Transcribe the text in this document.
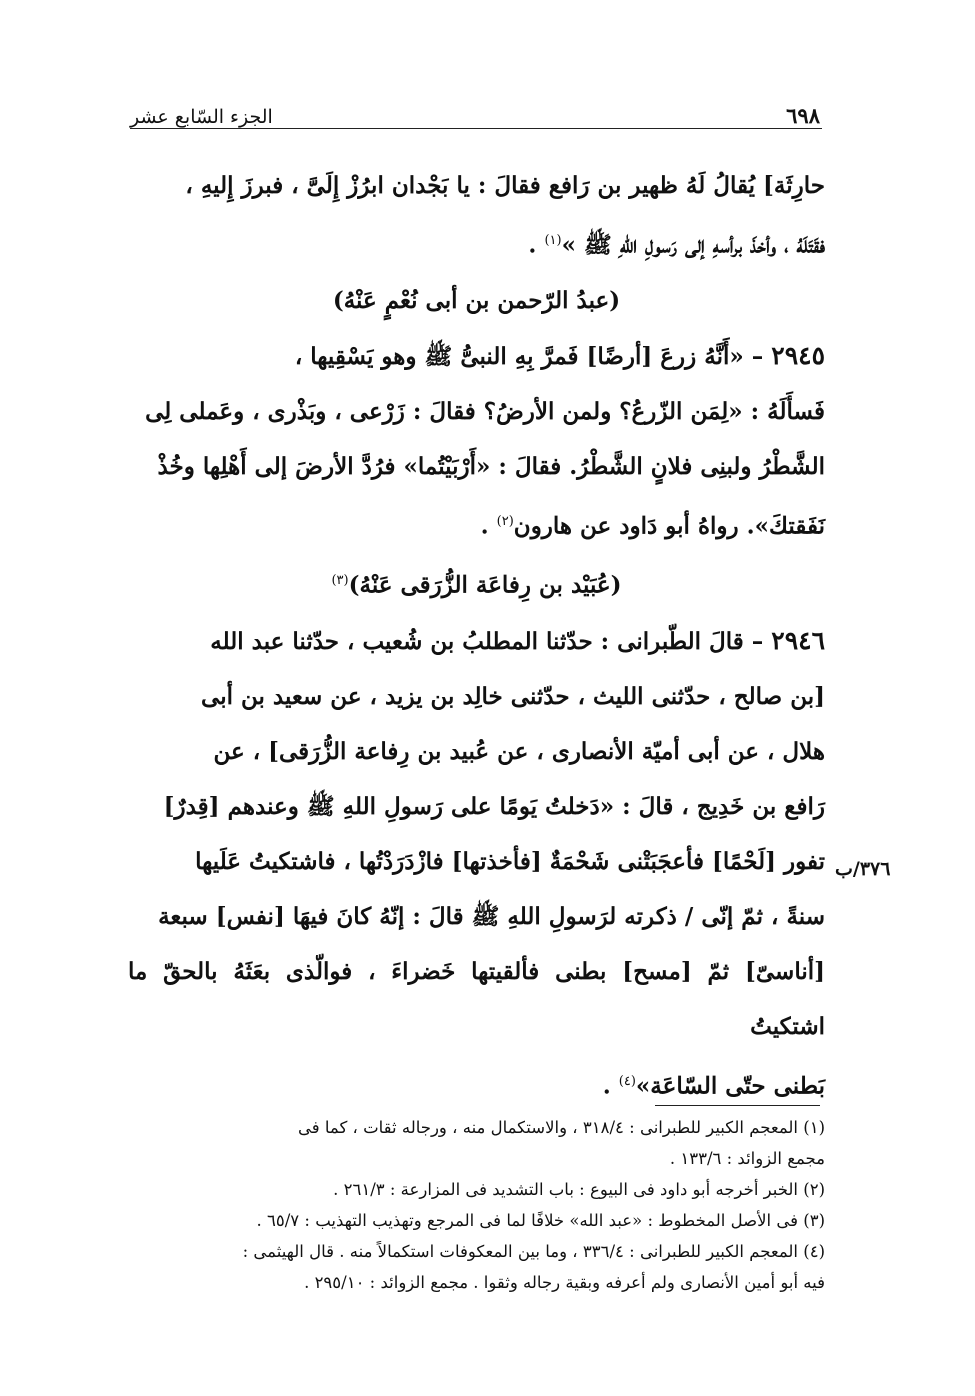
٦٩٨
الجزء السّابع عشر
٣٧٦/ب

حارِثَة] يُقالُ لَهُ ظهير بن رَافع فقالَ : يا بَجْدان ابرُزْ إِلَىَّ ، فبرزَ إِليهِ ،

فقَتَلَهُ ، وأخذَ برأسهِ إلى رَسولِ اللهِ ﷺ »$^{(١)}$ .

(عبدُ الرّحمن بن أبى نُعْمٍ عَنْهُ)

٢٩٤٥ – «أَنَّهُ زرعَ [أرضًا] فَمرَّ بِهِ النبىُّ ﷺ وهو يَسْقِيها ،

فَسأَلَهُ : «لِمَن الزّرعُ؟ ولمن الأرضُ؟ فقالَ : زَرْعى ، وبَذْرى ، وعَملى لِى

الشَّطْرُ ولبنِى فلانٍ الشَّطْرُ. فقالَ : «أَرْبَيْتُما» فرُدَّ الأرضَ إلى أَهْلِها وخُذْ

نَفَقتكَ». رواهُ أبو دَاود عن هارون$^{(٢)}$ .

(عُبَيْد بن رِفاعَة الزُّرَقى عَنْهُ)$^{(٣)}$

٢٩٤٦ – قالَ الطّبرانى : حدّثنا المطلبُ بن شُعيب ، حدّثنا عبد الله

[بن صالح ، حدّثنى الليث ، حدّثنى خالِد بن يزيد ، عن سعيد بن أبى

هلال ، عن أبى أميّة الأنصارى ، عن عُبيد بن رِفاعة الزُّرَقى] ، عن

رَافع بن خَدِيج ، قالَ : «دَخلتُ يَومًا على رَسولِ اللهِ ﷺ وعندهم [قِدرٌ]

تفور [لَحْمًا] فأعجَبَتْنى شَحْمَةٌ [فأخذتها] فازْدَرَدْتُها ، فاشتكيتُ عَلَيها

سنةً ، ثمّ إنّى / ذكرته لرَسولِ اللهِ ﷺ قالَ : إنّهُ كانَ فيهَا [نفس] سبعة

[أناسىّ] ثمّ [مسح] بطنى فألقيتها خَضراءَ ، فوالّذى بعَثَهُ بالحقّ ما اشتكيتُ

بَطنى حتّى السّاعَة»$^{(٤)}$ .

(١) المعجم الكبير للطبرانى : ٣١٨/٤ ، والاستكمال منه ، ورجاله ثقات ، كما فى

مجمع الزوائد : ١٣٣/٦ .

(٢) الخبر أخرجه أبو داود فى البيوع : باب التشديد فى المزارعة : ٢٦١/٣ .

(٣) فى الأصل المخطوط : «عبد الله» خلافًا لما فى المرجع وتهذيب التهذيب : ٦٥/٧ .

(٤) المعجم الكبير للطبرانى : ٣٣٦/٤ ، وما بين المعكوفات استكمالاً منه . قال الهيثمى :

فيه أبو أمين الأنصارى ولم أعرفه وبقية رجاله وثقوا . مجمع الزوائد : ٢٩٥/١٠ .
